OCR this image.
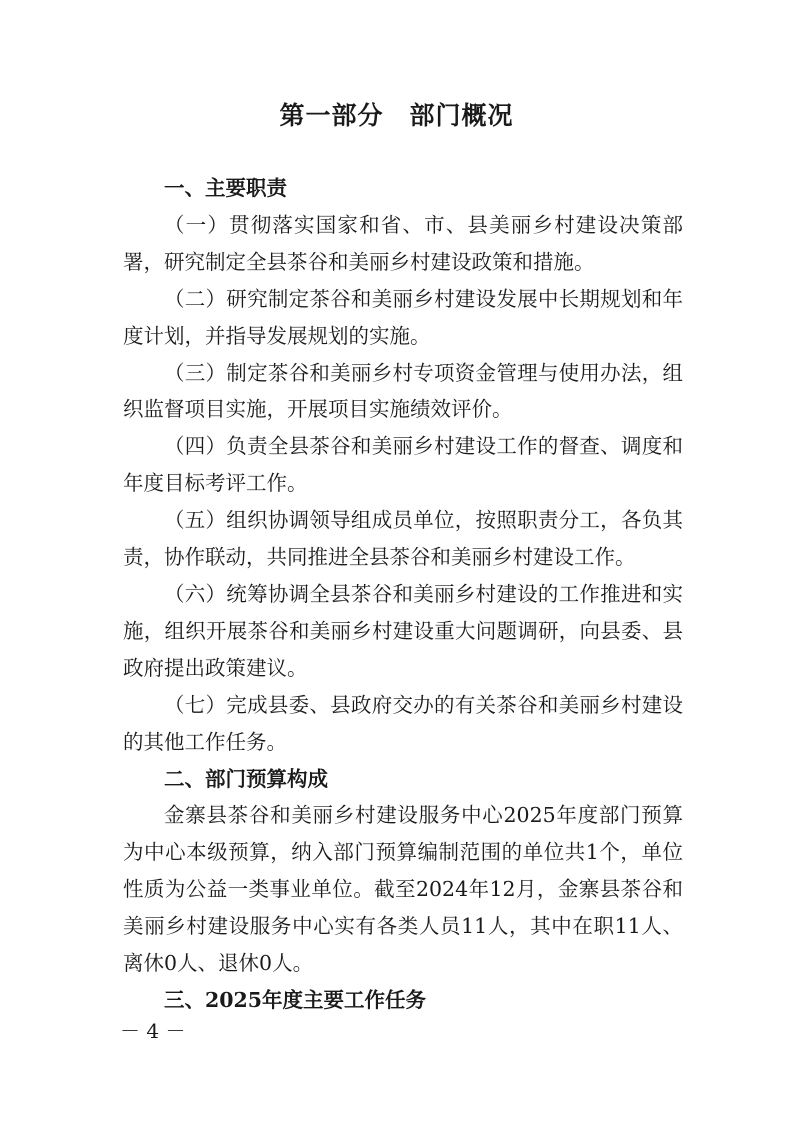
第一部分　部门概况

一、主要职责

（一）贯彻落实国家和省、市、县美丽乡村建设决策部署，研究制定全县茶谷和美丽乡村建设政策和措施。

（二）研究制定茶谷和美丽乡村建设发展中长期规划和年度计划，并指导发展规划的实施。

（三）制定茶谷和美丽乡村专项资金管理与使用办法，组织监督项目实施，开展项目实施绩效评价。

（四）负责全县茶谷和美丽乡村建设工作的督查、调度和年度目标考评工作。

（五）组织协调领导组成员单位，按照职责分工，各负其责，协作联动，共同推进全县茶谷和美丽乡村建设工作。

（六）统筹协调全县茶谷和美丽乡村建设的工作推进和实施，组织开展茶谷和美丽乡村建设重大问题调研，向县委、县政府提出政策建议。

（七）完成县委、县政府交办的有关茶谷和美丽乡村建设的其他工作任务。

二、部门预算构成

金寨县茶谷和美丽乡村建设服务中心2025年度部门预算为中心本级预算，纳入部门预算编制范围的单位共1个，单位性质为公益一类事业单位。截至2024年12月，金寨县茶谷和美丽乡村建设服务中心实有各类人员11人，其中在职11人、离休0人、退休0人。

三、2025年度主要工作任务

－ 4 －
